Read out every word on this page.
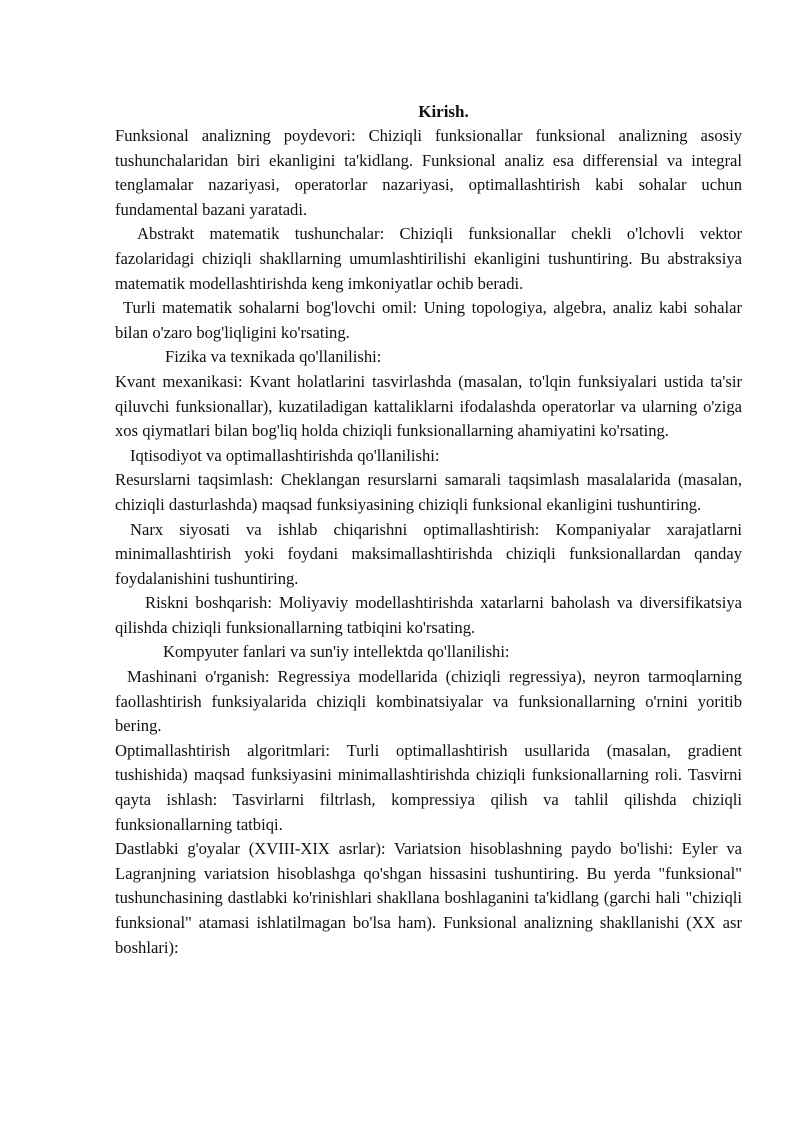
Kirish.

Funksional analizning poydevori: Chiziqli funksionallar funksional analizning asosiy tushunchalaridan biri ekanligini ta'kidlang. Funksional analiz esa differensial va integral tenglamalar nazariyasi, operatorlar nazariyasi, optimallashtirish kabi sohalar uchun fundamental bazani yaratadi.

Abstrakt matematik tushunchalar: Chiziqli funksionallar chekli o'lchovli vektor fazolaridagi chiziqli shakllarning umumlashtirilishi ekanligini tushuntiring. Bu abstraksiya matematik modellashtirishda keng imkoniyatlar ochib beradi.

Turli matematik sohalarni bog'lovchi omil: Uning topologiya, algebra, analiz kabi sohalar bilan o'zaro bog'liqligini ko'rsating.

Fizika va texnikada qo'llanilishi:

Kvant mexanikasi: Kvant holatlarini tasvirlashda (masalan, to'lqin funksiyalari ustida ta'sir qiluvchi funksionallar), kuzatiladigan kattaliklarni ifodalashda operatorlar va ularning o'ziga xos qiymatlari bilan bog'liq holda chiziqli funksionallarning ahamiyatini ko'rsating.

Iqtisodiyot va optimallashtirishda qo'llanilishi:

Resurslarni taqsimlash: Cheklangan resurslarni samarali taqsimlash masalalarida (masalan, chiziqli dasturlashda) maqsad funksiyasining chiziqli funksional ekanligini tushuntiring.

Narx siyosati va ishlab chiqarishni optimallashtirish: Kompaniyalar xarajatlarni minimallashtirish yoki foydani maksimallashtirishda chiziqli funksionallardan qanday foydalanishini tushuntiring.

Riskni boshqarish: Moliyaviy modellashtirishda xatarlarni baholash va diversifikatsiya qilishda chiziqli funksionallarning tatbiqini ko'rsating.

Kompyuter fanlari va sun'iy intellektda qo'llanilishi:

Mashinani o'rganish: Regressiya modellarida (chiziqli regressiya), neyron tarmoqlarning faollashtirish funksiyalarida chiziqli kombinatsiyalar va funksionallarning o'rnini yoritib bering.

Optimallashtirish algoritmlari: Turli optimallashtirish usullarida (masalan, gradient tushishida) maqsad funksiyasini minimallashtirishda chiziqli funksionallarning roli. Tasvirni qayta ishlash: Tasvirlarni filtrlash, kompressiya qilish va tahlil qilishda chiziqli funksionallarning tatbiqi.

Dastlabki g'oyalar (XVIII-XIX asrlar): Variatsion hisoblashning paydo bo'lishi: Eyler va Lagranjning variatsion hisoblashga qo'shgan hissasini tushuntiring. Bu yerda "funksional" tushunchasining dastlabki ko'rinishlari shakllana boshlaganini ta'kidlang (garchi hali "chiziqli funksional" atamasi ishlatilmagan bo'lsa ham). Funksional analizning shakllanishi (XX asr boshlari):
